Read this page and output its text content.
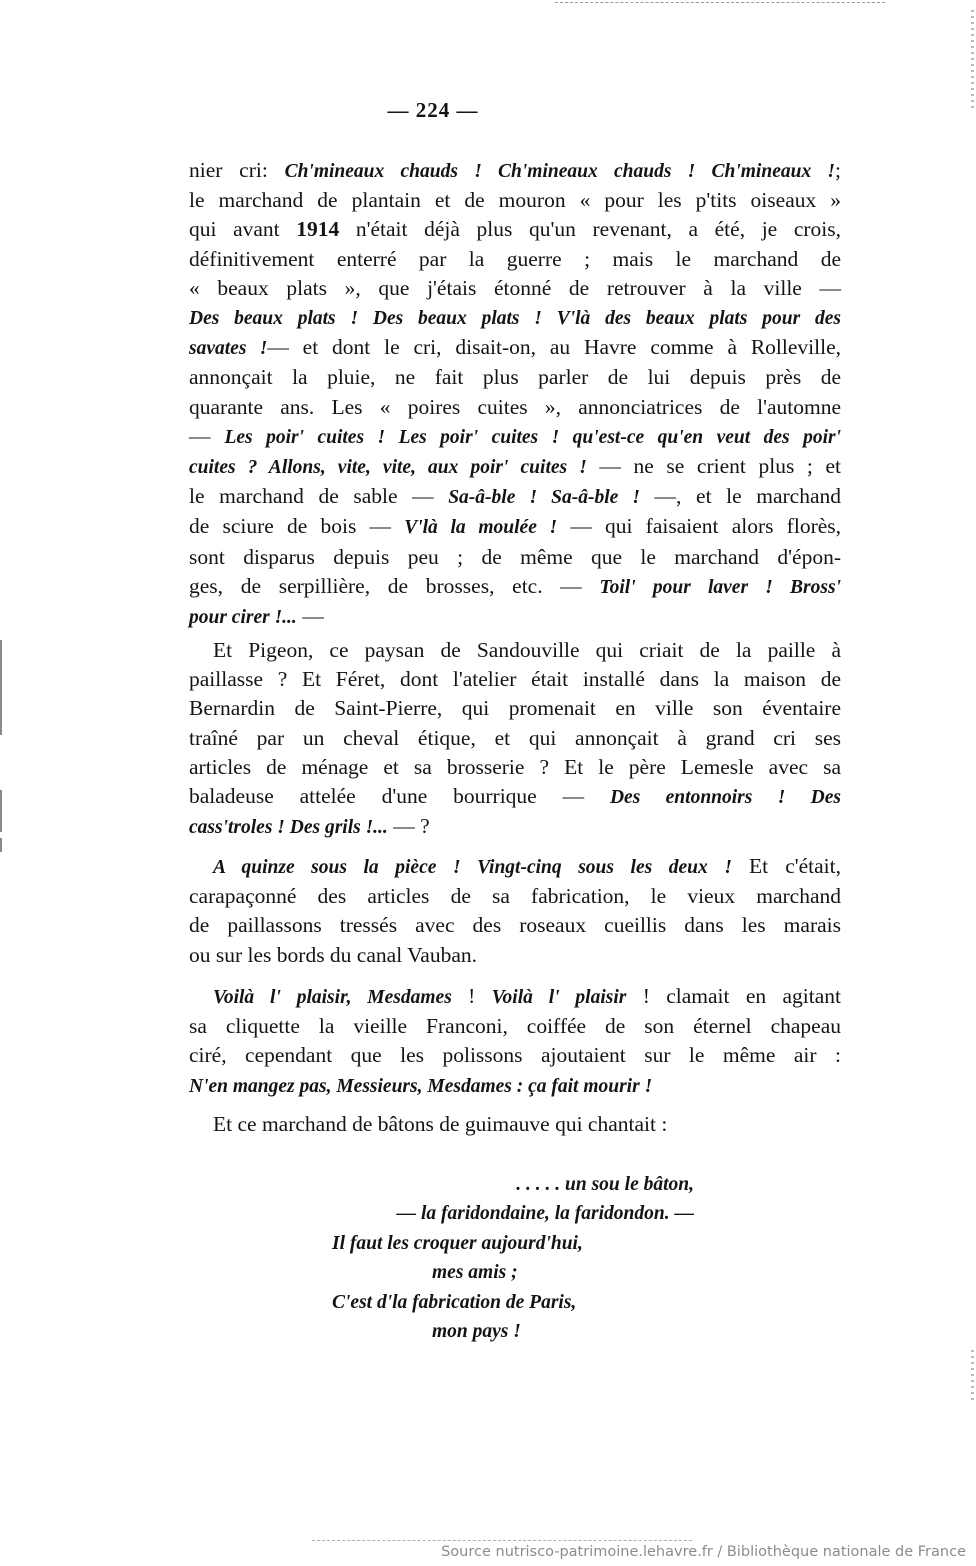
— 224 —
nier cri: Ch'mineaux chauds ! Ch'mineaux chauds ! Ch'mineaux !;
le marchand de plantain et de mouron « pour les p'tits oiseaux »
qui avant 1914 n'était déjà plus qu'un revenant, a été, je crois,
définitivement enterré par la guerre ; mais le marchand de
« beaux plats », que j'étais étonné de retrouver à la ville —
Des beaux plats ! Des beaux plats ! V'là des beaux plats pour des
savates !— et dont le cri, disait-on, au Havre comme à Rolleville,
annonçait la pluie, ne fait plus parler de lui depuis près de
quarante ans. Les « poires cuites », annonciatrices de l'automne
— Les poir' cuites ! Les poir' cuites ! qu'est-ce qu'en veut des poir'
cuites ? Allons, vite, vite, aux poir' cuites ! — ne se crient plus ; et
le marchand de sable — Sa-â-ble ! Sa-â-ble ! —, et le marchand
de sciure de bois — V'là la moulée ! — qui faisaient alors florès,
sont disparus depuis peu ; de même que le marchand d'épon-
ges, de serpillière, de brosses, etc. — Toil' pour laver ! Bross'
pour cirer !... —
Et Pigeon, ce paysan de Sandouville qui criait de la paille à
paillasse ? Et Féret, dont l'atelier était installé dans la maison de
Bernardin de Saint-Pierre, qui promenait en ville son éventaire
traîné par un cheval étique, et qui annonçait à grand cri ses
articles de ménage et sa brosserie ? Et le père Lemesle avec sa
baladeuse attelée d'une bourrique — Des entonnoirs ! Des
cass'troles ! Des grils !... — ?
A quinze sous la pièce ! Vingt-cinq sous les deux ! Et c'était,
carapaçonné des articles de sa fabrication, le vieux marchand
de paillassons tressés avec des roseaux cueillis dans les marais
ou sur les bords du canal Vauban.
Voilà l' plaisir, Mesdames ! Voilà l' plaisir ! clamait en agitant
sa cliquette la vieille Franconi, coiffée de son éternel chapeau
ciré, cependant que les polissons ajoutaient sur le même air :
N'en mangez pas, Messieurs, Mesdames : ça fait mourir !
Et ce marchand de bâtons de guimauve qui chantait :
. . . . . un sou le bâton,
— la faridondaine, la faridondon. —
Il faut les croquer aujourd'hui,
mes amis ;
C'est d'la fabrication de Paris,
mon pays !
Source nutrisco-patrimoine.lehavre.fr / Bibliothèque nationale de France
